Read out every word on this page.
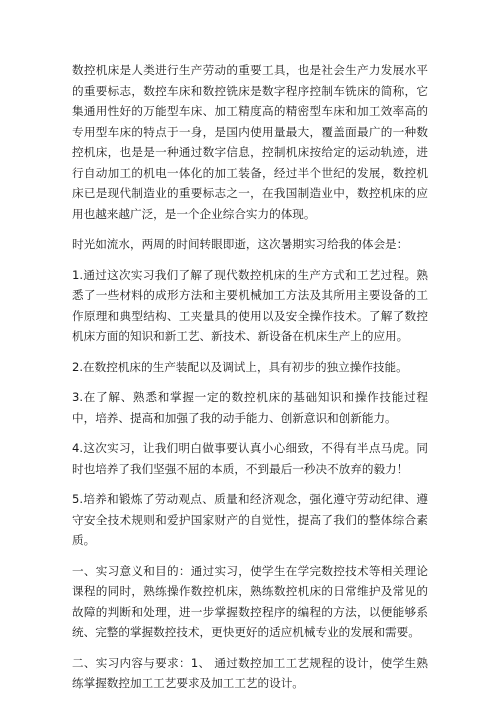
数控机床是人类进行生产劳动的重要工具，也是社会生产力发展水平的重要标志，数控车床和数控铣床是数字程序控制车铣床的简称，它集通用性好的万能型车床、加工精度高的精密型车床和加工效率高的专用型车床的特点于一身，是国内使用量最大，覆盖面最广的一种数控机床，也是是一种通过数字信息，控制机床按给定的运动轨迹，进行自动加工的机电一体化的加工装备，经过半个世纪的发展，数控机床已是现代制造业的重要标志之一，在我国制造业中，数控机床的应用也越来越广泛，是一个企业综合实力的体现。

时光如流水，两周的时间转眼即逝，这次暑期实习给我的体会是：

1.通过这次实习我们了解了现代数控机床的生产方式和工艺过程。熟悉了一些材料的成形方法和主要机械加工方法及其所用主要设备的工作原理和典型结构、工夹量具的使用以及安全操作技术。了解了数控机床方面的知识和新工艺、新技术、新设备在机床生产上的应用。

2.在数控机床的生产装配以及调试上，具有初步的独立操作技能。

3.在了解、熟悉和掌握一定的数控机床的基础知识和操作技能过程中，培养、提高和加强了我的动手能力、创新意识和创新能力。

4.这次实习，让我们明白做事要认真小心细致，不得有半点马虎。同时也培养了我们坚强不屈的本质，不到最后一秒决不放弃的毅力！

5.培养和锻炼了劳动观点、质量和经济观念，强化遵守劳动纪律、遵守安全技术规则和爱护国家财产的自觉性，提高了我们的整体综合素质。

一、实习意义和目的：通过实习，使学生在学完数控技术等相关理论课程的同时，熟练操作数控机床，熟练数控机床的日常维护及常见的故障的判断和处理，进一步掌握数控程序的编程的方法，以便能够系统、完整的掌握数控技术，更快更好的适应机械专业的发展和需要。

二、实习内容与要求：1、 通过数控加工工艺规程的设计，使学生熟练掌握数控加工工艺要求及加工工艺的设计。
